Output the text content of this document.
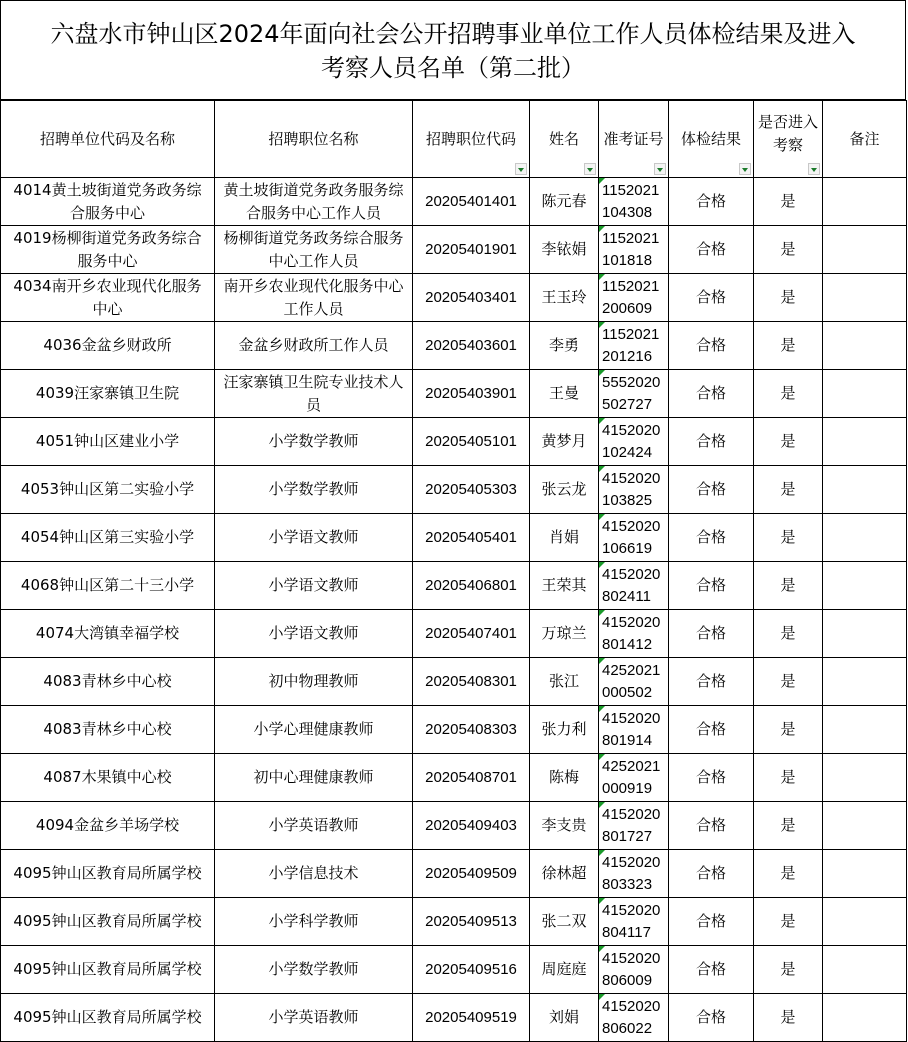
六盘水市钟山区2024年面向社会公开招聘事业单位工作人员体检结果及进入
考察人员名单（第二批）
招聘单位代码及名称	招聘职位名称	招聘职位代码	姓名	准考证号	体检结果	是否进入考察	备注
4014黄土坡街道党务政务综合服务中心	黄土坡街道党务政务服务综合服务中心工作人员	20205401401	陈元春	1152021
104308	合格	是	
4019杨柳街道党务政务综合服务中心	杨柳街道党务政务综合服务中心工作人员	20205401901	李铱娟	1152021
101818	合格	是	
4034南开乡农业现代化服务中心	南开乡农业现代化服务中心工作人员	20205403401	王玉玲	1152021
200609	合格	是	
4036金盆乡财政所	金盆乡财政所工作人员	20205403601	李勇	1152021
201216	合格	是	
4039汪家寨镇卫生院	汪家寨镇卫生院专业技术人员	20205403901	王曼	5552020
502727	合格	是	
4051钟山区建业小学	小学数学教师	20205405101	黄梦月	4152020
102424	合格	是	
4053钟山区第二实验小学	小学数学教师	20205405303	张云龙	4152020
103825	合格	是	
4054钟山区第三实验小学	小学语文教师	20205405401	肖娟	4152020
106619	合格	是	
4068钟山区第二十三小学	小学语文教师	20205406801	王荣其	4152020
802411	合格	是	
4074大湾镇幸福学校	小学语文教师	20205407401	万琼兰	4152020
801412	合格	是	
4083青林乡中心校	初中物理教师	20205408301	张江	4252021
000502	合格	是	
4083青林乡中心校	小学心理健康教师	20205408303	张力利	4152020
801914	合格	是	
4087木果镇中心校	初中心理健康教师	20205408701	陈梅	4252021
000919	合格	是	
4094金盆乡羊场学校	小学英语教师	20205409403	李支贵	4152020
801727	合格	是	
4095钟山区教育局所属学校	小学信息技术	20205409509	徐林超	4152020
803323	合格	是	
4095钟山区教育局所属学校	小学科学教师	20205409513	张二双	4152020
804117	合格	是	
4095钟山区教育局所属学校	小学数学教师	20205409516	周庭庭	4152020
806009	合格	是	
4095钟山区教育局所属学校	小学英语教师	20205409519	刘娟	4152020
806022	合格	是	
